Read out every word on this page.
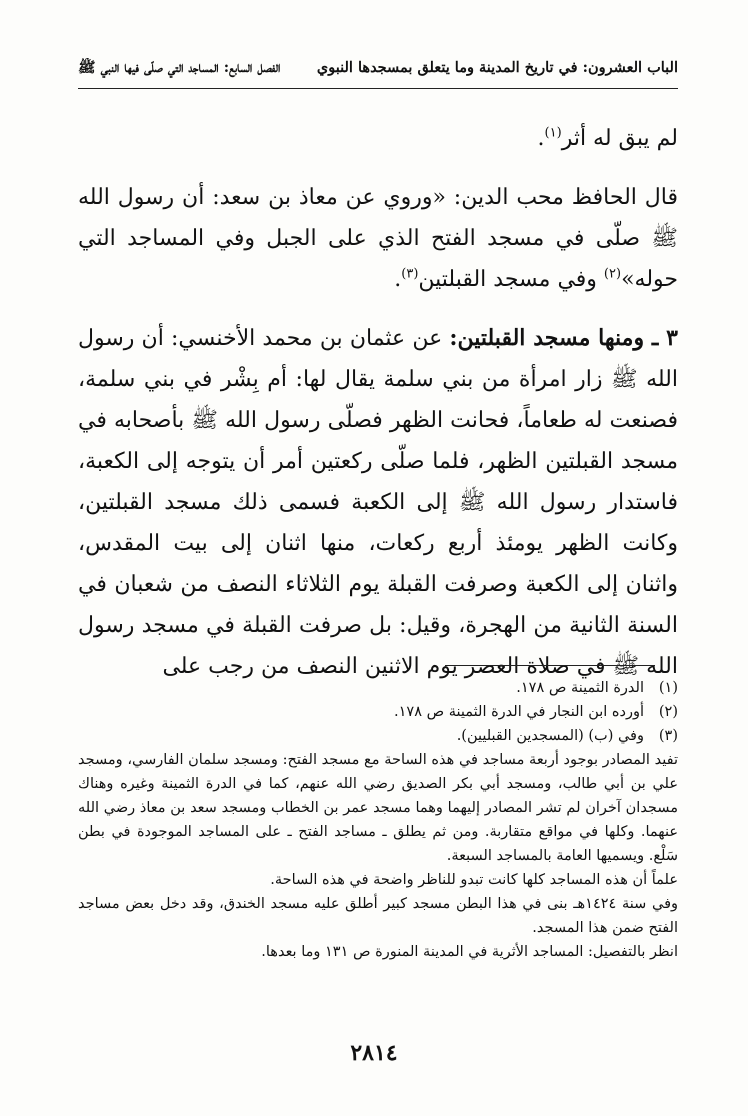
الباب العشرون: في تاريخ المدينة وما يتعلق بمسجدها النبوي
الفصل السابع: المساجد التي صلّى فيها النبي ﷺ

لم يبق له أثر$^{(١)}$.

قال الحافظ محب الدين: «وروي عن معاذ بن سعد: أن رسول الله ﷺ صلّى في مسجد الفتح الذي على الجبل وفي المساجد التي حوله»$^{(٢)}$ وفي مسجد القبلتين$^{(٣)}$.

٣ ـ ومنها مسجد القبلتين: عن عثمان بن محمد الأخنسي: أن رسول الله ﷺ زار امرأة من بني سلمة يقال لها: أم بِشْر في بني سلمة، فصنعت له طعاماً، فحانت الظهر فصلّى رسول الله ﷺ بأصحابه في مسجد القبلتين الظهر، فلما صلّى ركعتين أمر أن يتوجه إلى الكعبة، فاستدار رسول الله ﷺ إلى الكعبة فسمى ذلك مسجد القبلتين، وكانت الظهر يومئذ أربع ركعات، منها اثنان إلى بيت المقدس، واثنان إلى الكعبة وصرفت القبلة يوم الثلاثاء النصف من شعبان في السنة الثانية من الهجرة، وقيل: بل صرفت القبلة في مسجد رسول الله ﷺ في صلاة العصر يوم الاثنين النصف من رجب على

(١)
الدرة الثمينة ص ١٧٨.
(٢)
أورده ابن النجار في الدرة الثمينة ص ١٧٨.
(٣)
وفي (ب) (المسجدين القبليين).

تفيد المصادر بوجود أربعة مساجد في هذه الساحة مع مسجد الفتح: ومسجد سلمان الفارسي، ومسجد علي بن أبي طالب، ومسجد أبي بكر الصديق رضي الله عنهم، كما في الدرة الثمينة وغيره وهناك مسجدان آخران لم تشر المصادر إليهما وهما مسجد عمر بن الخطاب ومسجد سعد بن معاذ رضي الله عنهما. وكلها في مواقع متقاربة. ومن ثم يطلق ـ مساجد الفتح ـ على المساجد الموجودة في بطن سَلْع. ويسميها العامة بالمساجد السبعة.

علماً أن هذه المساجد كلها كانت تبدو للناظر واضحة في هذه الساحة.

وفي سنة ١٤٢٤هـ بنى في هذا البطن مسجد كبير أطلق عليه مسجد الخندق، وقد دخل بعض مساجد الفتح ضمن هذا المسجد.

انظر بالتفصيل: المساجد الأثرية في المدينة المنورة ص ١٣١ وما بعدها.

٢٨١٤
